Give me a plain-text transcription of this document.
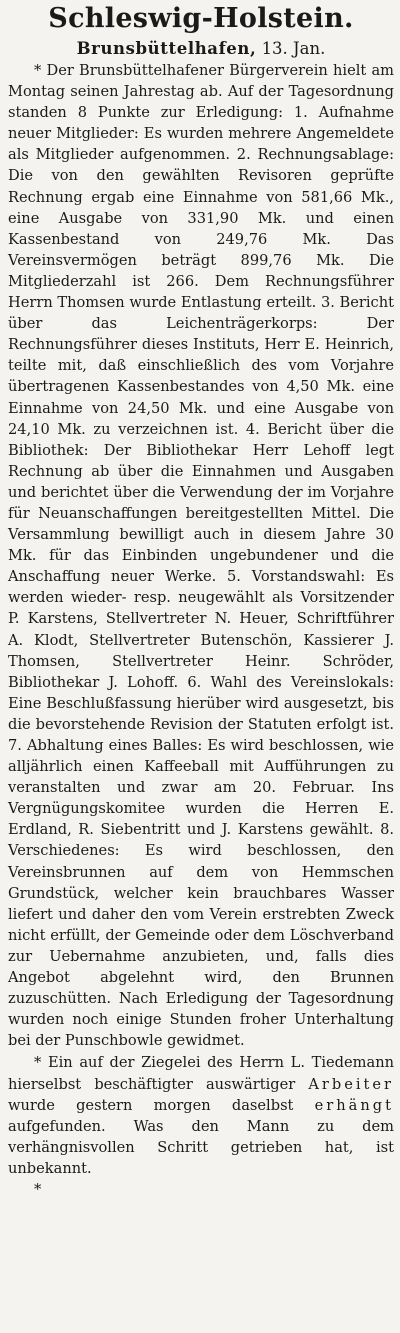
Schleswig-Holstein.

Brunsbüttelhafen, 13. Jan.

* Der Brunsbüttelhafener Bürgerverein hielt am Montag seinen Jahrestag ab. Auf der Tagesordnung standen 8 Punkte zur Erledigung: 1. Aufnahme neuer Mitglieder: Es wurden mehrere Angemeldete als Mitglieder aufgenommen. 2. Rechnungsablage: Die von den gewählten Revisoren geprüfte Rechnung ergab eine Einnahme von 581,66 Mk., eine Ausgabe von 331,90 Mk. und einen Kassenbestand von 249,76 Mk. Das Vereinsvermögen beträgt 899,76 Mk. Die Mitgliederzahl ist 266. Dem Rechnungsführer Herrn Thomsen wurde Entlastung erteilt. 3. Bericht über das Leichenträgerkorps: Der Rechnungsführer dieses Instituts, Herr E. Heinrich, teilte mit, daß einschließlich des vom Vorjahre übertragenen Kassenbestandes von 4,50 Mk. eine Einnahme von 24,50 Mk. und eine Ausgabe von 24,10 Mk. zu verzeichnen ist. 4. Bericht über die Bibliothek: Der Bibliothekar Herr Lehoff legt Rechnung ab über die Einnahmen und Ausgaben und berichtet über die Verwendung der im Vorjahre für Neuanschaffungen bereitgestellten Mittel. Die Versammlung bewilligt auch in diesem Jahre 30 Mk. für das Einbinden ungebundener und die Anschaffung neuer Werke. 5. Vorstandswahl: Es werden wieder- resp. neugewählt als Vorsitzender P. Karstens, Stellvertreter N. Heuer, Schriftführer A. Klodt, Stellvertreter Butenschön, Kassierer J. Thomsen, Stellvertreter Heinr. Schröder, Bibliothekar J. Lohoff. 6. Wahl des Vereinslokals: Eine Beschlußfassung hierüber wird ausgesetzt, bis die bevorstehende Revision der Statuten erfolgt ist. 7. Abhaltung eines Balles: Es wird beschlossen, wie alljährlich einen Kaffeeball mit Aufführungen zu veranstalten und zwar am 20. Februar. Ins Vergnügungskomitee wurden die Herren E. Erdland, R. Siebentritt und J. Karstens gewählt. 8. Verschiedenes: Es wird beschlossen, den Vereinsbrunnen auf dem von Hemmschen Grundstück, welcher kein brauchbares Wasser liefert und daher den vom Verein erstrebten Zweck nicht erfüllt, der Gemeinde oder dem Löschverband zur Uebernahme anzubieten, und, falls dies Angebot abgelehnt wird, den Brunnen zuzuschütten. Nach Erledigung der Tagesordnung wurden noch einige Stunden froher Unterhaltung bei der Punschbowle gewidmet.

* Ein auf der Ziegelei des Herrn L. Tiedemann hierselbst beschäftigter auswärtiger Arbeiter wurde gestern morgen daselbst erhängt aufgefunden. Was den Mann zu dem verhängnisvollen Schritt getrieben hat, ist unbekannt.

*
